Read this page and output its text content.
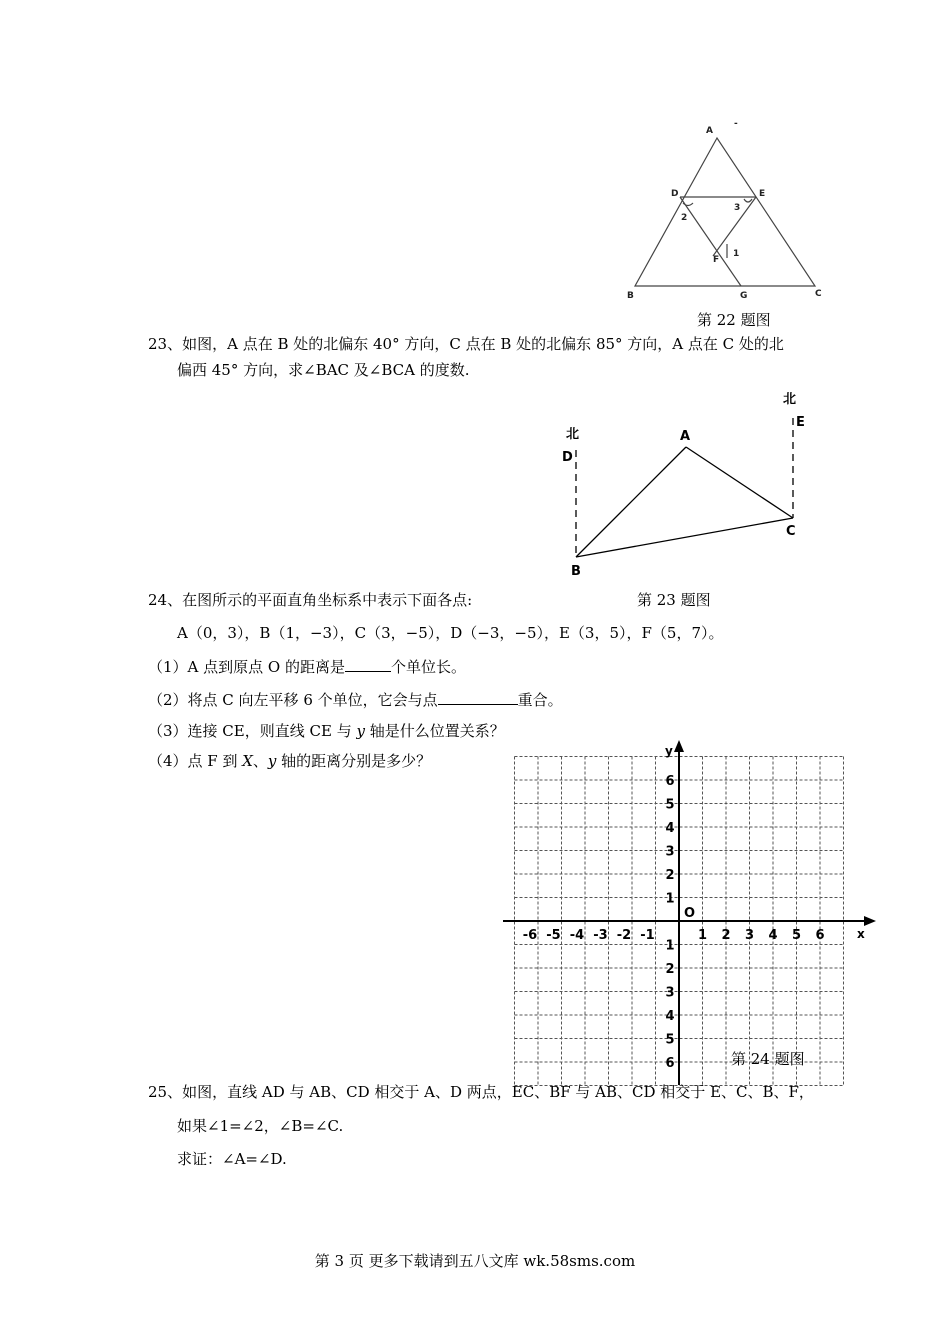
A
-
D	E
F
B	G	C
1
2
3
第 22 题图
23、如图，A 点在 B 处的北偏东 40° 方向，C 点在 B 处的北偏东 85° 方向，A 点在 C 处的北
偏西 45° 方向，求∠BAC 及∠BCA 的度数.
北
北
D
E
A
B
C
24、在图所示的平面直角坐标系中表示下面各点:	第 23 题图
A（0，3），B（1，−3），C（3，−5），D（−3，−5），E（3，5），F（5，7）。
（1）A 点到原点 O 的距离是	个单位长。
（2）将点 C 向左平移 6 个单位，它会与点	重合。
（3）连接 CE，则直线 CE 与 𝑦 轴是什么位置关系？
（4）点 F 到 𝑋、𝑦 轴的距离分别是多少？
1 2 3 4 5 6
-1
-2
-3
-4
-5
-6
1
2
3
4
5
6
1
2
3
4
5
6
x
y
O
第 24 题图
25、如图，直线 AD 与 AB、CD 相交于 A、D 两点，EC、BF 与 AB、CD 相交于 E、C、B、F，
如果∠1=∠2，∠B=∠C.
求证：∠A=∠D.
第 3 页 更多下载请到五八文库 wk.58sms.com
